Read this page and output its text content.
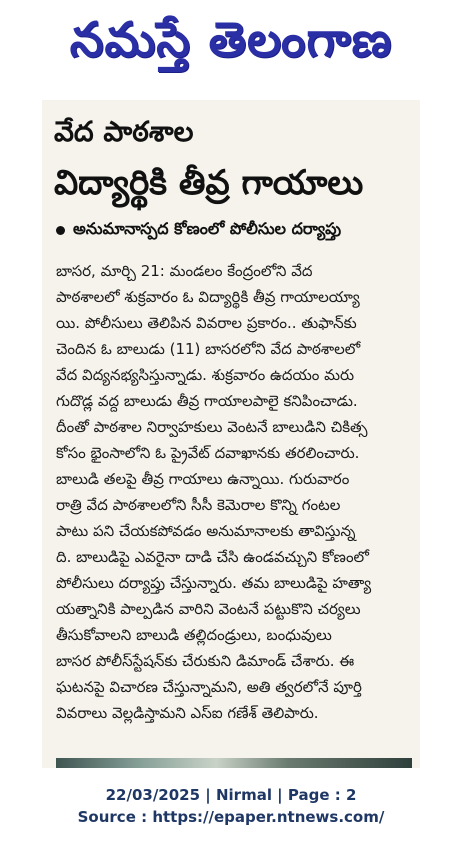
నమస్తే తెలంగాణ
వేద పాఠశాల
విద్యార్థికి తీవ్ర గాయాలు
అనుమానాస్పద కోణంలో పోలీసుల దర్యాప్తు
బాసర, మార్చి 21: మండలం కేంద్రంలోని వేద
పాఠశాలలో శుక్రవారం ఓ విద్యార్థికి తీవ్ర గాయాలయ్యా
యి. పోలీసులు తెలిపిన వివరాల ప్రకారం.. తుఫాన్‌కు
చెందిన ఓ బాలుడు (11) బాసరలోని వేద పాఠశాలలో
వేద విద్యనభ్యసిస్తున్నాడు. శుక్రవారం ఉదయం మరు
గుదొడ్ల వద్ద బాలుడు తీవ్ర గాయాలపాలై కనిపించాడు.
దీంతో పాఠశాల నిర్వాహకులు వెంటనే బాలుడిని చికిత్స
కోసం భైంసాలోని ఓ ప్రైవేట్ దవాఖానకు తరలించారు.
బాలుడి తలపై తీవ్ర గాయాలు ఉన్నాయి. గురువారం
రాత్రి వేద పాఠశాలలోని సీసీ కెమెరాల కొన్ని గంటల
పాటు పని చేయకపోవడం అనుమానాలకు తావిస్తున్న
ది. బాలుడిపై ఎవరైనా దాడి చేసి ఉండవచ్చుని కోణంలో
పోలీసులు దర్యాప్తు చేస్తున్నారు. తమ బాలుడిపై హత్యా
యత్నానికి పాల్పడిన వారిని వెంటనే పట్టుకొని చర్యలు
తీసుకోవాలని బాలుడి తల్లిదండ్రులు, బంధువులు
బాసర పోలీస్‌స్టేషన్‌కు చేరుకుని డిమాండ్ చేశారు. ఈ
ఘటనపై విచారణ చేస్తున్నామని, అతి త్వరలోనే పూర్తి
వివరాలు వెల్లడిస్తామని ఎస్‌ఐ గణేశ్ తెలిపారు.
22/03/2025 | Nirmal | Page : 2
Source : https://epaper.ntnews.com/
